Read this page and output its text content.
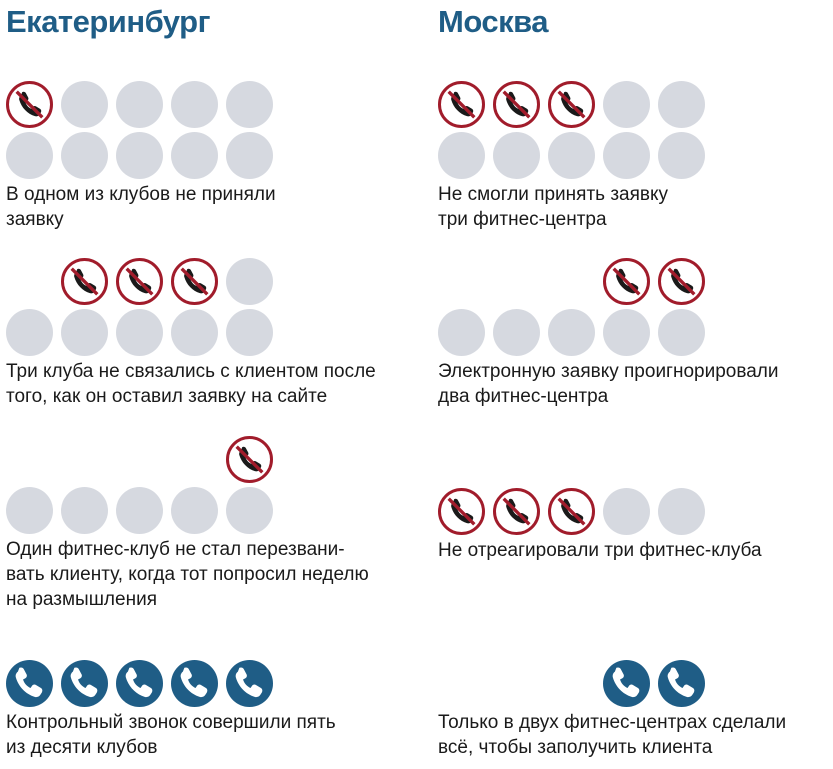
Екатеринбург
В одном из клубов не приняли
заявку
Три клуба не связались с клиентом после
того, как он оставил заявку на сайте
Один фитнес-клуб не стал перезвани-
вать клиенту, когда тот попросил неделю
на размышления
Контрольный звонок совершили пять
из десяти клубов
Москва
Не смогли принять заявку
три фитнес-центра
Электронную заявку проигнорировали
два фитнес-центра
Не отреагировали три фитнес-клуба
Только в двух фитнес-центрах сделали
всё, чтобы заполучить клиента
